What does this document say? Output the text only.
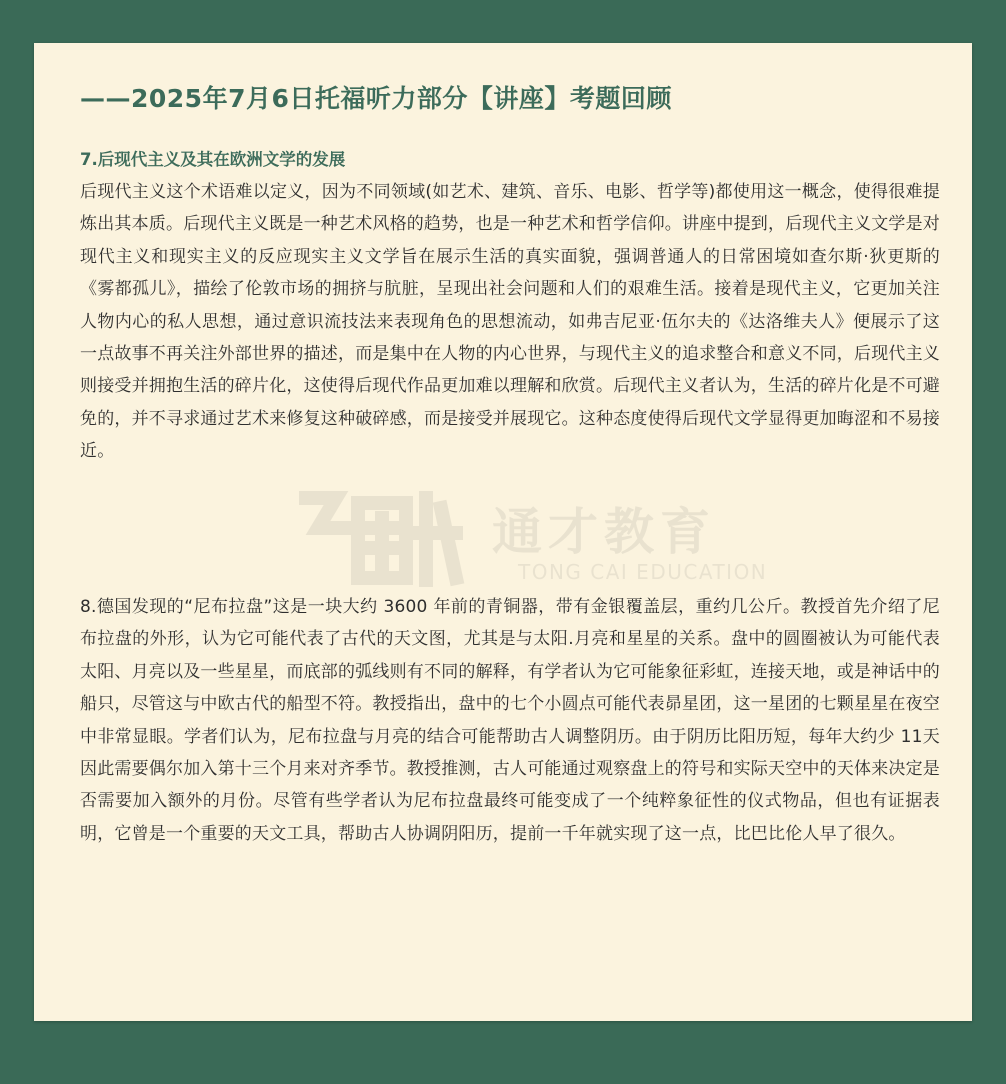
——2025年7月6日托福听力部分【讲座】考题回顾
7.后现代主义及其在欧洲文学的发展

后现代主义这个术语难以定义，因为不同领域(如艺术、建筑、音乐、电影、哲学等)都使用这一概念，使得很难提炼出其本质。后现代主义既是一种艺术风格的趋势，也是一种艺术和哲学信仰。讲座中提到，后现代主义文学是对现代主义和现实主义的反应现实主义文学旨在展示生活的真实面貌，强调普通人的日常困境如查尔斯·狄更斯的《雾都孤儿》，描绘了伦敦市场的拥挤与肮脏，呈现出社会问题和人们的艰难生活。接着是现代主义，它更加关注人物内心的私人思想，通过意识流技法来表现角色的思想流动，如弗吉尼亚·伍尔夫的《达洛维夫人》便展示了这一点故事不再关注外部世界的描述，而是集中在人物的内心世界，与现代主义的追求整合和意义不同，后现代主义则接受并拥抱生活的碎片化，这使得后现代作品更加难以理解和欣赏。后现代主义者认为，生活的碎片化是不可避免的，并不寻求通过艺术来修复这种破碎感，而是接受并展现它。这种态度使得后现代文学显得更加晦涩和不易接近。

8.德国发现的“尼布拉盘”这是一块大约 3600 年前的青铜器，带有金银覆盖层，重约几公斤。教授首先介绍了尼布拉盘的外形，认为它可能代表了古代的天文图，尤其是与太阳.月亮和星星的关系。盘中的圆圈被认为可能代表太阳、月亮以及一些星星，而底部的弧线则有不同的解释，有学者认为它可能象征彩虹，连接天地，或是神话中的船只，尽管这与中欧古代的船型不符。教授指出，盘中的七个小圆点可能代表昴星团，这一星团的七颗星星在夜空中非常显眼。学者们认为，尼布拉盘与月亮的结合可能帮助古人调整阴历。由于阴历比阳历短，每年大约少 11天因此需要偶尔加入第十三个月来对齐季节。教授推测，古人可能通过观察盘上的符号和实际天空中的天体来决定是否需要加入额外的月份。尽管有些学者认为尼布拉盘最终可能变成了一个纯粹象征性的仪式物品，但也有证据表明，它曾是一个重要的天文工具，帮助古人协调阴阳历，提前一千年就实现了这一点，比巴比伦人早了很久。

通才教育
TONG CAI EDUCATION
